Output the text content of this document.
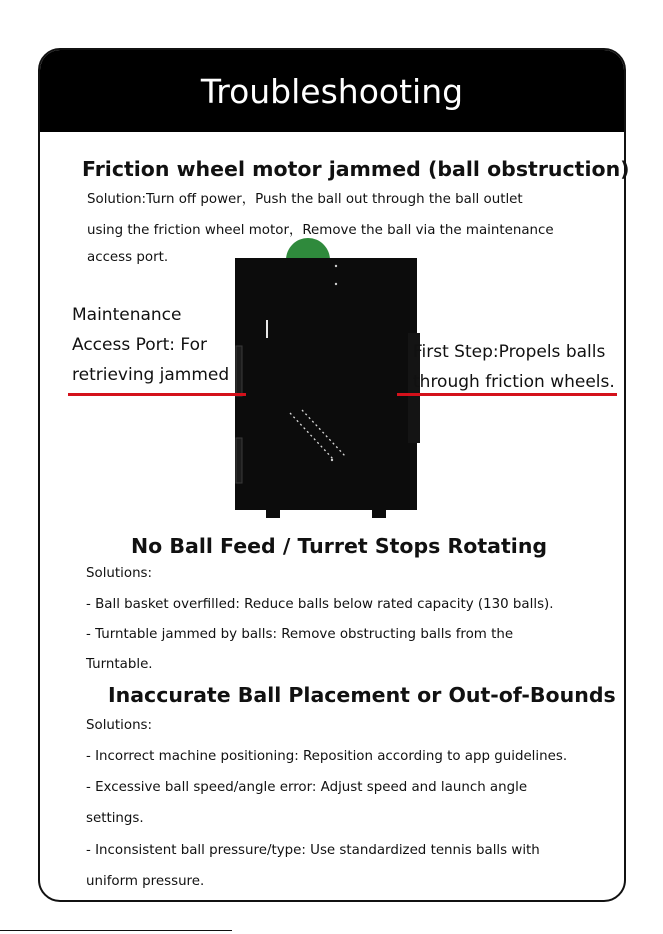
Troubleshooting
Friction wheel motor jammed (ball obstruction)
Solution:Turn off power，Push the ball out through the ball outlet
using the friction wheel motor，Remove the ball via the maintenance
access port.
Maintenance
Access Port: For
retrieving jammed
First Step:Propels balls
through friction wheels.
No Ball Feed / Turret Stops Rotating
Solutions:
- Ball basket overfilled: Reduce balls below rated capacity (130 balls).
- Turntable jammed by balls: Remove obstructing balls from the
Turntable.
Inaccurate Ball Placement or Out-of-Bounds
Solutions:
- Incorrect machine positioning: Reposition according to app guidelines.
- Excessive ball speed/angle error: Adjust speed and launch angle
settings.
- Inconsistent ball pressure/type: Use standardized tennis balls with
uniform pressure.
